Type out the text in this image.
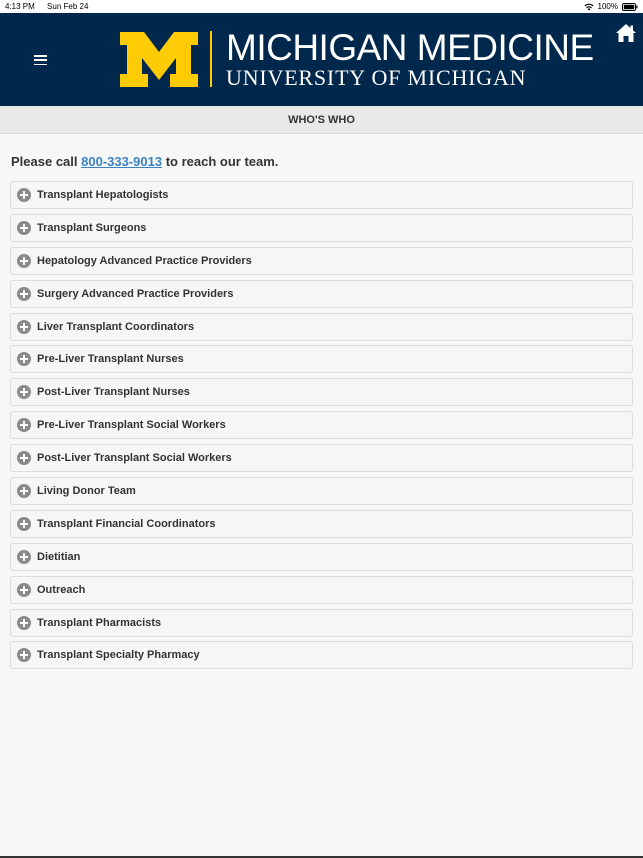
4:13 PM Sun Feb 24	100%
MICHIGAN MEDICINE
UNIVERSITY OF MICHIGAN
WHO'S WHO

Please call 800-333-9013 to reach our team.

Transplant Hepatologists
Transplant Surgeons
Hepatology Advanced Practice Providers
Surgery Advanced Practice Providers
Liver Transplant Coordinators
Pre-Liver Transplant Nurses
Post-Liver Transplant Nurses
Pre-Liver Transplant Social Workers
Post-Liver Transplant Social Workers
Living Donor Team
Transplant Financial Coordinators
Dietitian
Outreach
Transplant Pharmacists
Transplant Specialty Pharmacy
